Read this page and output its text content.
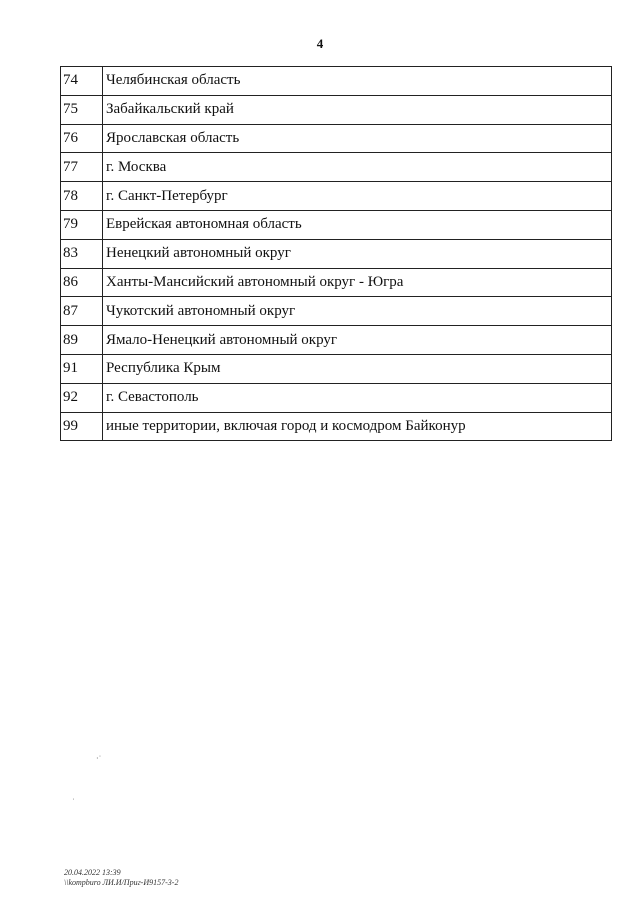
4
74	Челябинская область
75	Забайкальский край
76	Ярославская область
77	г. Москва
78	г. Санкт-Петербург
79	Еврейская автономная область
83	Ненецкий автономный округ
86	Ханты-Мансийский автономный округ - Югра
87	Чукотский автономный округ
89	Ямало-Ненецкий автономный округ
91	Республика Крым
92	г. Севастополь
99	иные территории, включая город и космодром Байконур
·˙
˙
20.04.2022 13:39
\\kompburo ЛИ.И/Приг-И9157-3-2
